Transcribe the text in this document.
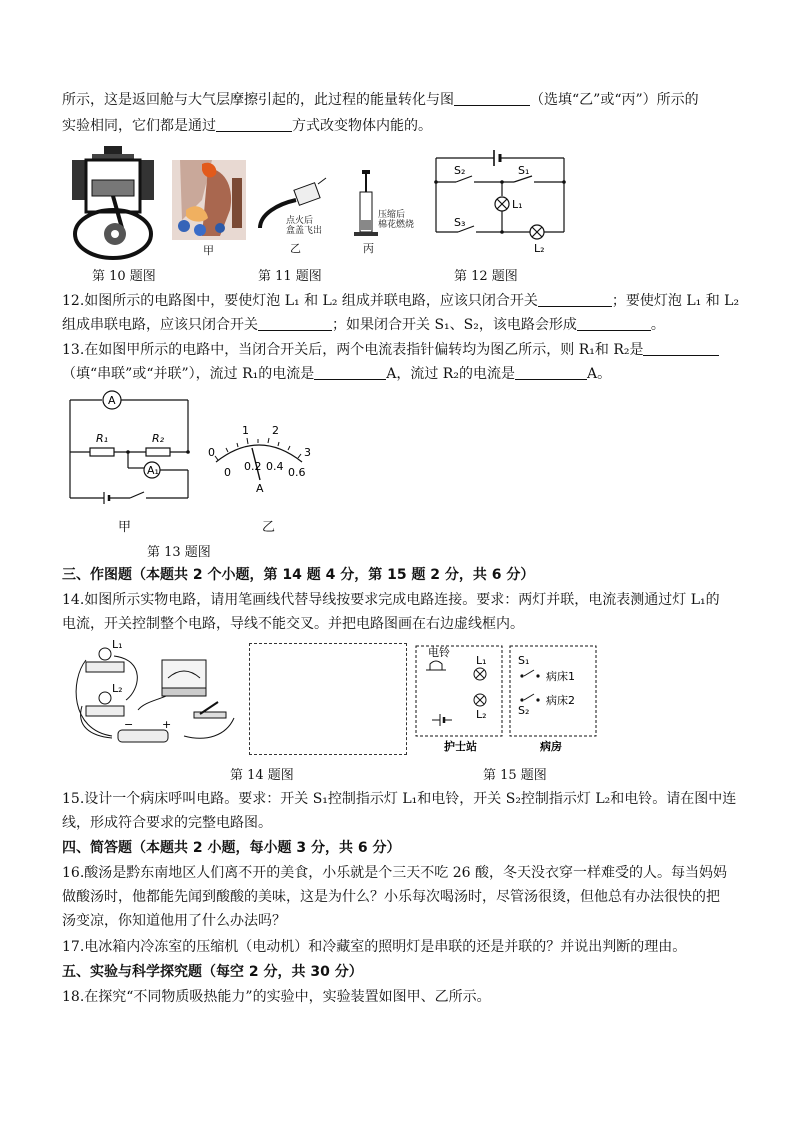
所示，这是返回舱与大气层摩擦引起的，此过程的能量转化与图	（选填“乙”或“丙”）所示的
实验相同，它们都是通过	方式改变物体内能的。
甲
点火后
盒盖飞出
乙
压缩后
棉花燃烧
丙
S₂	S₁
L₁
S₃
L₂
第 10 题图	第 11 题图	第 12 题图
12.如图所示的电路图中，要使灯泡 L₁ 和 L₂ 组成并联电路，应该只闭合开关	；要使灯泡 L₁ 和 L₂
组成串联电路，应该只闭合开关	；如果闭合开关 S₁、S₂，该电路会形成	。
13.在如图甲所示的电路中，当闭合开关后，两个电流表指针偏转均为图乙所示，则 R₁和 R₂是
（填“串联”或“并联”），流过 R₁的电流是	A，流过 R₂的电流是	A。
A
A₁
R₁	R₂
1 2
3
0
0 0.2 0.4 0.6
A
甲	乙
第 13 题图
三、作图题（本题共 2 个小题，第 14 题 4 分，第 15 题 2 分，共 6 分）
14.如图所示实物电路，请用笔画线代替导线按要求完成电路连接。要求：两灯并联，电流表测通过灯 L₁的
电流，开关控制整个电路，导线不能交叉。并把电路图画在右边虚线框内。
L₁
L₂
−	+
电铃
L₁
L₂
S₁
S₂
病床1
病床2
护士站	病房
第 14 题图	第 15 题图
15.设计一个病床呼叫电路。要求：开关 S₁控制指示灯 L₁和电铃，开关 S₂控制指示灯 L₂和电铃。请在图中连
线，形成符合要求的完整电路图。
四、简答题（本题共 2 小题，每小题 3 分，共 6 分）
16.酸汤是黔东南地区人们离不开的美食，小乐就是个三天不吃 26 酸，冬天没衣穿一样难受的人。每当妈妈
做酸汤时，他都能先闻到酸酸的美味，这是为什么？小乐每次喝汤时，尽管汤很烫，但他总有办法很快的把
汤变凉，你知道他用了什么办法吗？
17.电冰箱内冷冻室的压缩机（电动机）和冷藏室的照明灯是串联的还是并联的？并说出判断的理由。
五、实验与科学探究题（每空 2 分，共 30 分）
18.在探究“不同物质吸热能力”的实验中，实验装置如图甲、乙所示。
